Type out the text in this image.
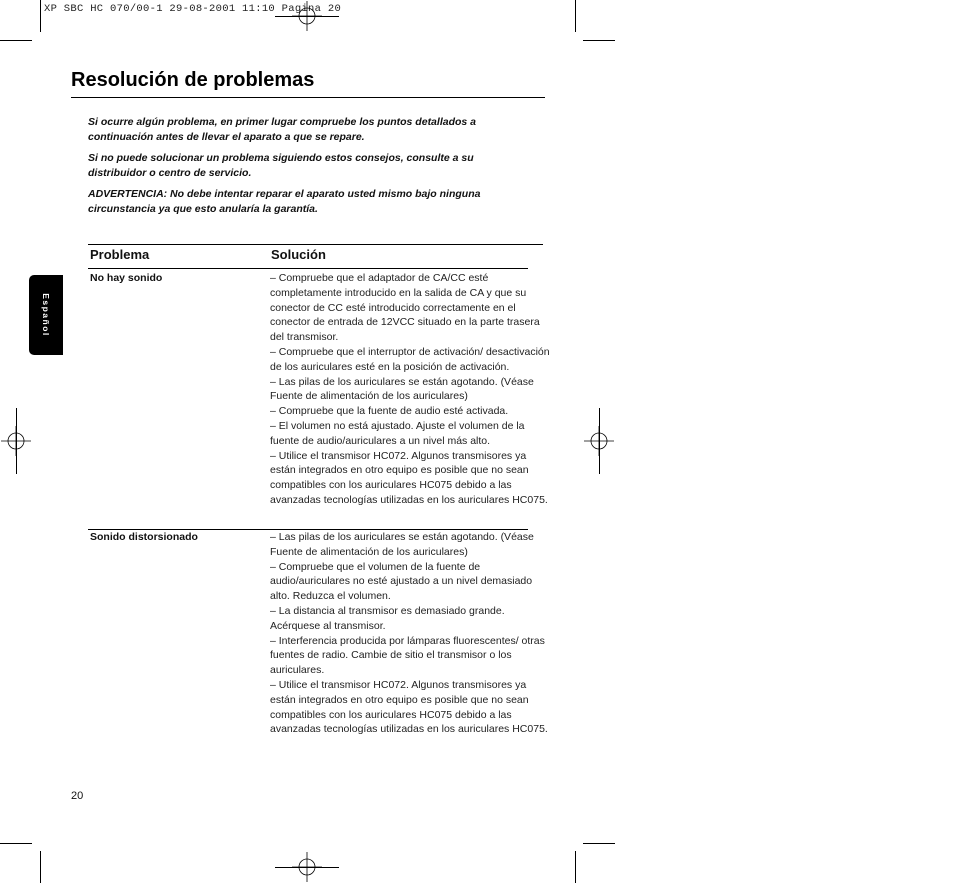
XP SBC HC 070/00-1 29-08-2001 11:10 Pagina 20
Resolución de problemas

Si ocurre algún problema, en primer lugar compruebe los puntos detallados a continuación antes de llevar el aparato a que se repare.

Si no puede solucionar un problema siguiendo estos consejos, consulte a su distribuidor o centro de servicio.

ADVERTENCIA: No debe intentar reparar el aparato usted mismo bajo ninguna circunstancia ya que esto anularía la garantía.

Español
Problema	Solución
No hay sonido	– Compruebe que el adaptador de CA/CC esté completamente introducido en la salida de CA y que su conector de CC esté introducido correctamente en el conector de entrada de 12VCC situado en la parte trasera del transmisor.

– Compruebe que el interruptor de activación/ desactivación de los auriculares esté en la posición de activación.

– Las pilas de los auriculares se están agotando. (Véase Fuente de alimentación de los auriculares)

– Compruebe que la fuente de audio esté activada.

– El volumen no está ajustado. Ajuste el volumen de la fuente de audio/auriculares a un nivel más alto.

– Utilice el transmisor HC072. Algunos transmisores ya están integrados en otro equipo es posible que no sean compatibles con los auriculares HC075 debido a las avanzadas tecnologías utilizadas en los auriculares HC075.

Sonido distorsionado	– Las pilas de los auriculares se están agotando. (Véase Fuente de alimentación de los auriculares)

– Compruebe que el volumen de la fuente de audio/auriculares no esté ajustado a un nivel demasiado alto. Reduzca el volumen.

– La distancia al transmisor es demasiado grande. Acérquese al transmisor.

– Interferencia producida por lámparas fluorescentes/ otras fuentes de radio. Cambie de sitio el transmisor o los auriculares.

– Utilice el transmisor HC072. Algunos transmisores ya están integrados en otro equipo es posible que no sean compatibles con los auriculares HC075 debido a las avanzadas tecnologías utilizadas en los auriculares HC075.

20
